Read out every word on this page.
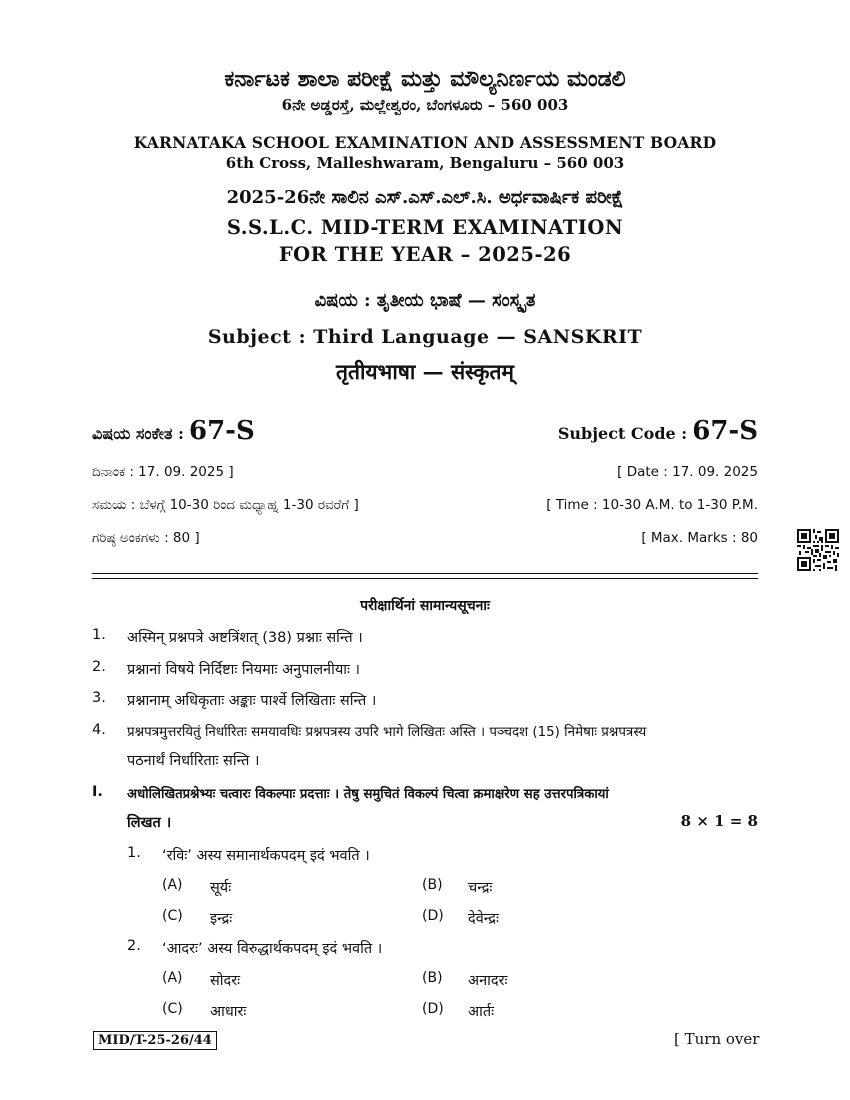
ಕರ್ನಾಟಕ ಶಾಲಾ ಪರೀಕ್ಷೆ ಮತ್ತು ಮೌಲ್ಯನಿರ್ಣಯ ಮಂಡಲಿ
6ನೇ ಅಡ್ಡರಸ್ತೆ, ಮಲ್ಲೇಶ್ವರಂ, ಬೆಂಗಳೂರು – 560 003
KARNATAKA SCHOOL EXAMINATION AND ASSESSMENT BOARD
6th Cross, Malleshwaram, Bengaluru – 560 003
2025-26ನೇ ಸಾಲಿನ ಎಸ್.ಎಸ್.ಎಲ್.ಸಿ. ಅರ್ಧವಾರ್ಷಿಕ ಪರೀಕ್ಷೆ
S.S.L.C. MID-TERM EXAMINATION
FOR THE YEAR – 2025-26
ವಿಷಯ : ತೃತೀಯ ಭಾಷೆ — ಸಂಸ್ಕೃತ
Subject : Third Language — SANSKRIT
तृतीयभाषा — संस्कृतम्
ವಿಷಯ ಸಂಕೇತ : 67-S	Subject Code : 67-S
ದಿನಾಂಕ : 17. 09. 2025 ]	[ Date : 17. 09. 2025
ಸಮಯ : ಬೆಳಗ್ಗೆ 10-30 ರಿಂದ ಮಧ್ಯಾಹ್ನ 1-30 ರವರೆಗೆ ]	[ Time : 10-30 A.M. to 1-30 P.M.
ಗರಿಷ್ಠ ಅಂಕಗಳು : 80 ]	[ Max. Marks : 80
परीक्षार्थिनां सामान्यसूचनाः
1. अस्मिन् प्रश्नपत्रे अष्टत्रिंशत् (38) प्रश्नाः सन्ति ।
2. प्रश्नानां विषये निर्दिष्टाः नियमाः अनुपालनीयाः ।
3. प्रश्नानाम् अधिकृताः अङ्काः पार्श्वे लिखिताः सन्ति ।
4. प्रश्नपत्रमुत्तरयितुं निर्धारितः समयावधिः प्रश्नपत्रस्य उपरि भागे लिखितः अस्ति । पञ्चदश (15) निमेषाः प्रश्नपत्रस्य
पठनार्थं निर्धारिताः सन्ति ।
I. अधोलिखितप्रश्नेभ्यः चत्वारः विकल्पाः प्रदत्ताः । तेषु समुचितं विकल्पं चित्वा क्रमाक्षरेण सह उत्तरपत्रिकायां
लिखत ।	8 × 1 = 8
1. ‘रविः’ अस्य समानार्थकपदम् इदं भवति ।
(A) सूर्यः	(B) चन्द्रः
(C) इन्द्रः	(D) देवेन्द्रः
2. ‘आदरः’ अस्य विरुद्धार्थकपदम् इदं भवति ।
(A) सोदरः	(B) अनादरः
(C) आधारः	(D) आर्तः
MID/T-25-26/44	[ Turn over
